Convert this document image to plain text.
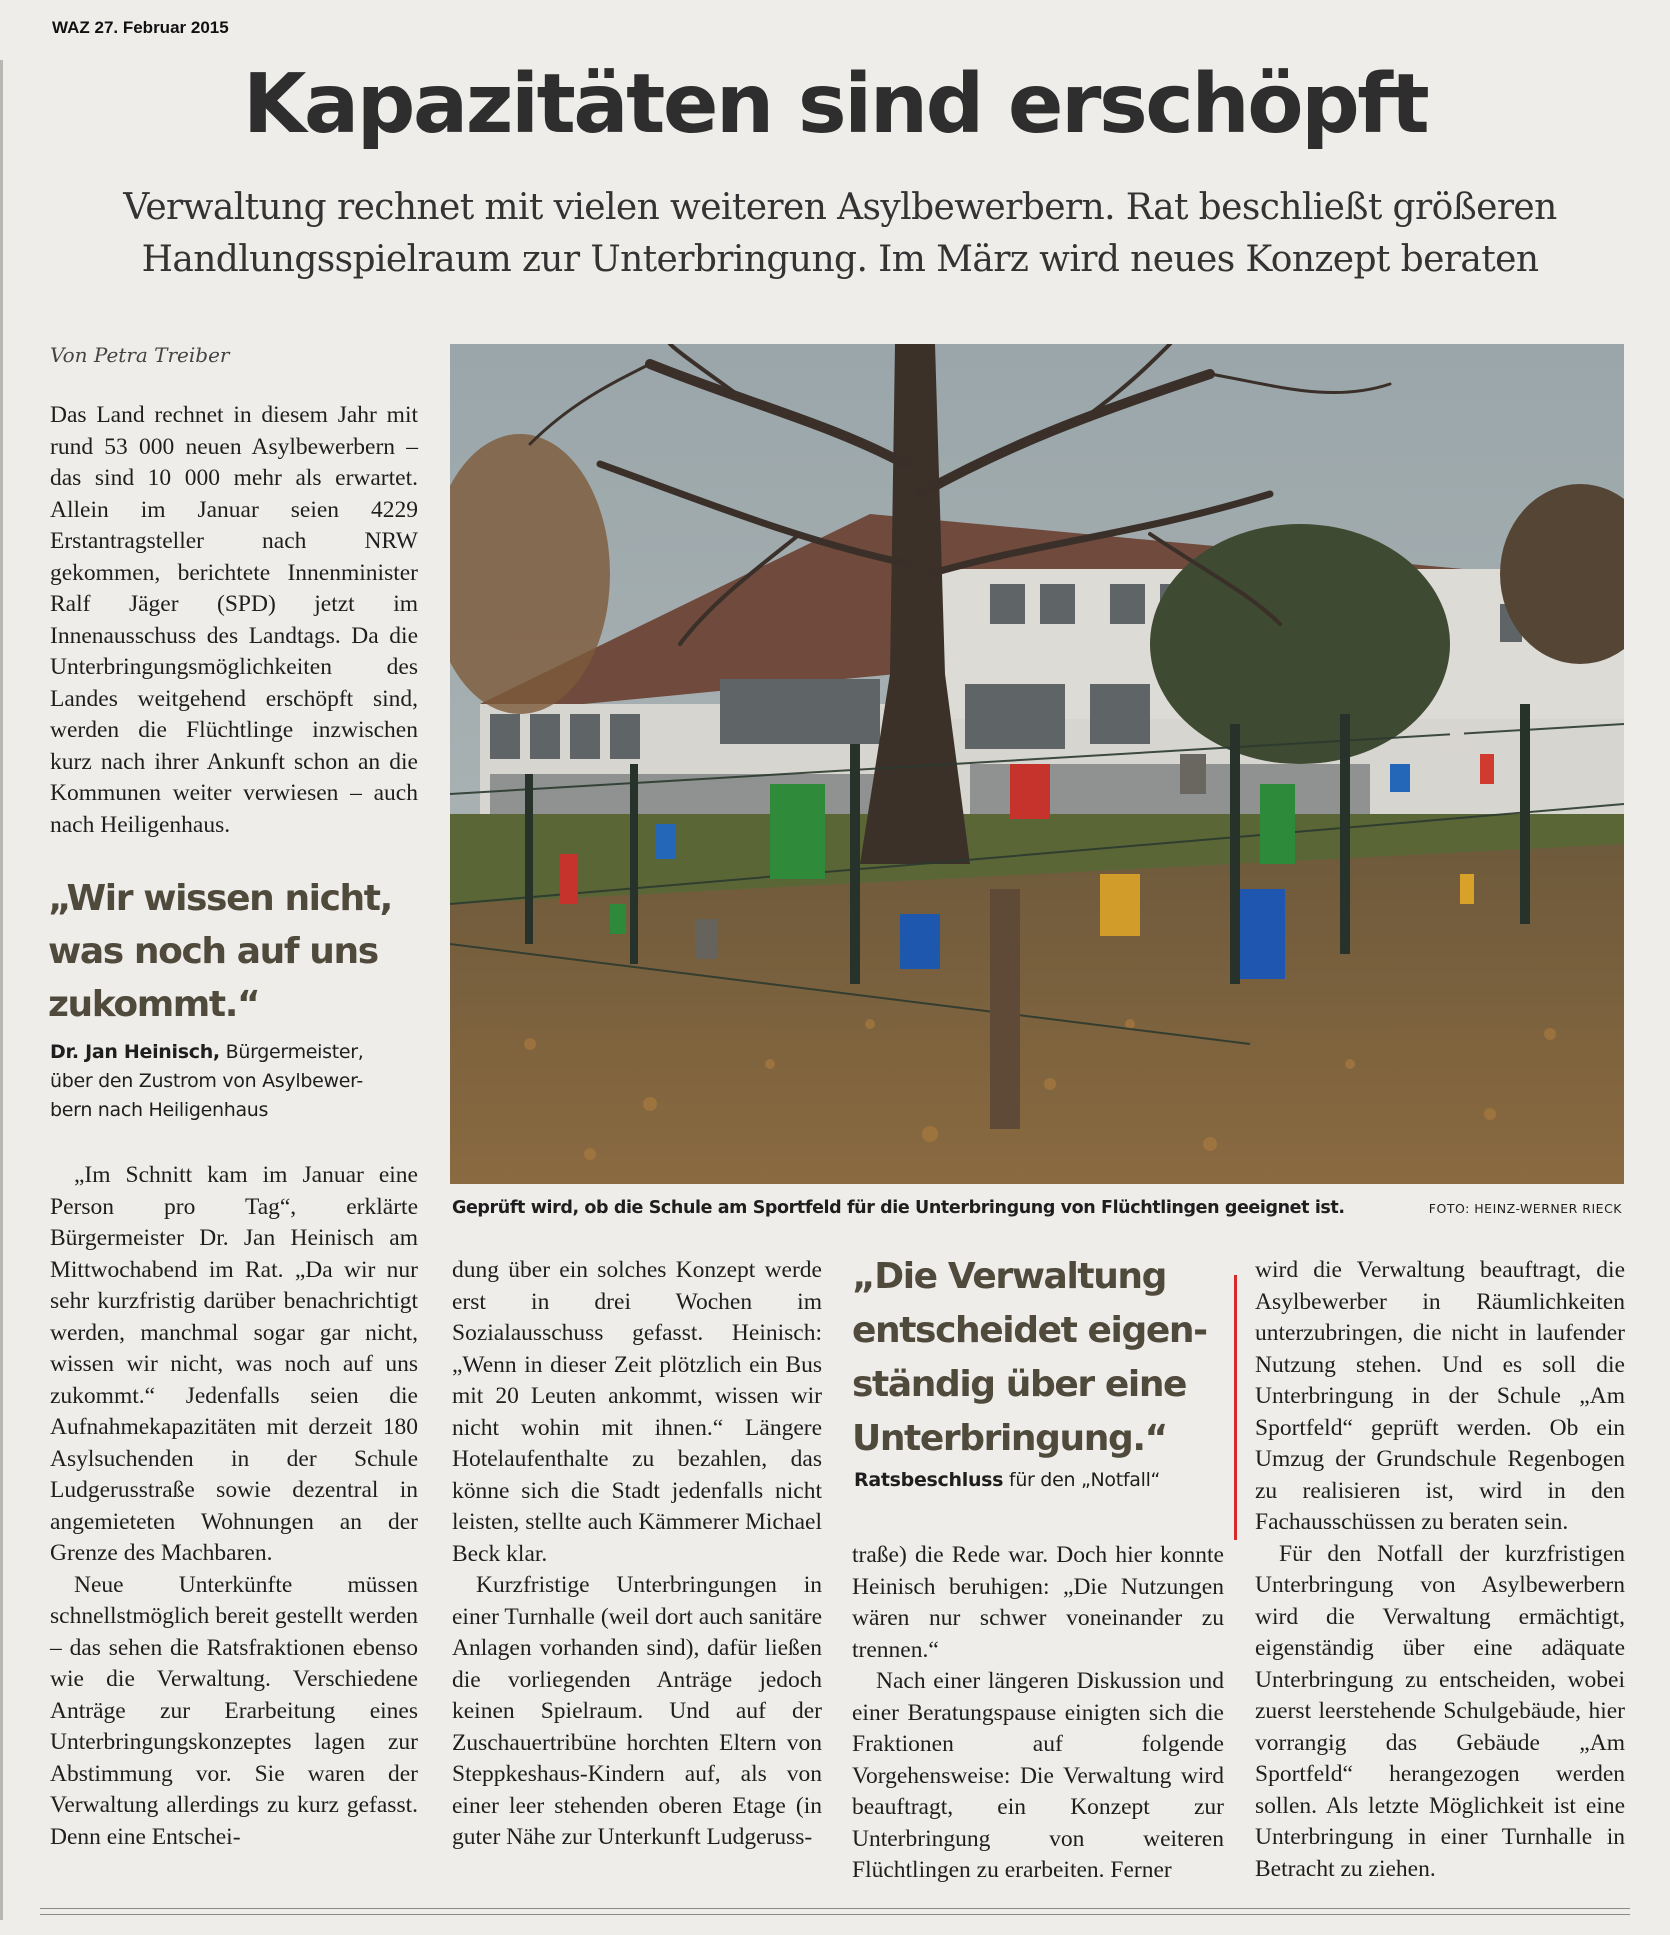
WAZ 27. Februar 2015
Kapazitäten sind erschöpft
Verwaltung rechnet mit vielen weiteren Asylbewerbern. Rat beschließt größeren
Handlungsspielraum zur Unterbringung. Im März wird neues Konzept beraten
Von Petra Treiber

Das Land rechnet in diesem Jahr mit rund 53 000 neuen Asylbewerbern – das sind 10 000 mehr als erwartet. Allein im Januar seien 4229 Erstantragsteller nach NRW gekommen, berichtete Innenminister Ralf Jäger (SPD) jetzt im Innenausschuss des Landtags. Da die Unterbringungsmöglichkeiten des Landes weitgehend erschöpft sind, werden die Flüchtlinge inzwischen kurz nach ihrer Ankunft schon an die Kommunen weiter verwiesen – auch nach Heiligenhaus.

„Wir wissen nicht,
was noch auf uns
zukommt.“
Dr. Jan Heinisch, Bürgermeister,
über den Zustrom von Asylbewer-
bern nach Heiligenhaus

„Im Schnitt kam im Januar eine Person pro Tag“, erklärte Bürgermeister Dr. Jan Heinisch am Mittwochabend im Rat. „Da wir nur sehr kurzfristig darüber benachrichtigt werden, manchmal sogar gar nicht, wissen wir nicht, was noch auf uns zukommt.“ Jedenfalls seien die Aufnahmekapazitäten mit derzeit 180 Asylsuchenden in der Schule Ludgerusstraße sowie dezentral in angemieteten Wohnungen an der Grenze des Machbaren.

Neue Unterkünfte müssen schnellstmöglich bereit gestellt werden – das sehen die Ratsfraktionen ebenso wie die Verwaltung. Verschiedene Anträge zur Erarbeitung eines Unterbringungskonzeptes lagen zur Abstimmung vor. Sie waren der Verwaltung allerdings zu kurz gefasst. Denn eine Entschei-

Geprüft wird, ob die Schule am Sportfeld für die Unterbringung von Flüchtlingen geeignet ist.	FOTO: HEINZ-WERNER RIECK

dung über ein solches Konzept werde erst in drei Wochen im Sozialausschuss gefasst. Heinisch: „Wenn in dieser Zeit plötzlich ein Bus mit 20 Leuten ankommt, wissen wir nicht wohin mit ihnen.“ Längere Hotelaufenthalte zu bezahlen, das könne sich die Stadt jedenfalls nicht leisten, stellte auch Kämmerer Michael Beck klar.

Kurzfristige Unterbringungen in einer Turnhalle (weil dort auch sanitäre Anlagen vorhanden sind), dafür ließen die vorliegenden Anträge jedoch keinen Spielraum. Und auf der Zuschauertribüne horchten Eltern von Steppkeshaus-Kindern auf, als von einer leer stehenden oberen Etage (in guter Nähe zur Unterkunft Ludgeruss-

„Die Verwaltung
entscheidet eigen-
ständig über eine
Unterbringung.“
Ratsbeschluss für den „Notfall“

traße) die Rede war. Doch hier konnte Heinisch beruhigen: „Die Nutzungen wären nur schwer voneinander zu trennen.“

Nach einer längeren Diskussion und einer Beratungspause einigten sich die Fraktionen auf folgende Vorgehensweise: Die Verwaltung wird beauftragt, ein Konzept zur Unterbringung von weiteren Flüchtlingen zu erarbeiten. Ferner

wird die Verwaltung beauftragt, die Asylbewerber in Räumlichkeiten unterzubringen, die nicht in laufender Nutzung stehen. Und es soll die Unterbringung in der Schule „Am Sportfeld“ geprüft werden. Ob ein Umzug der Grundschule Regenbogen zu realisieren ist, wird in den Fachausschüssen zu beraten sein.

Für den Notfall der kurzfristigen Unterbringung von Asylbewerbern wird die Verwaltung ermächtigt, eigenständig über eine adäquate Unterbringung zu entscheiden, wobei zuerst leerstehende Schulgebäude, hier vorrangig das Gebäude „Am Sportfeld“ herangezogen werden sollen. Als letzte Möglichkeit ist eine Unterbringung in einer Turnhalle in Betracht zu ziehen.
